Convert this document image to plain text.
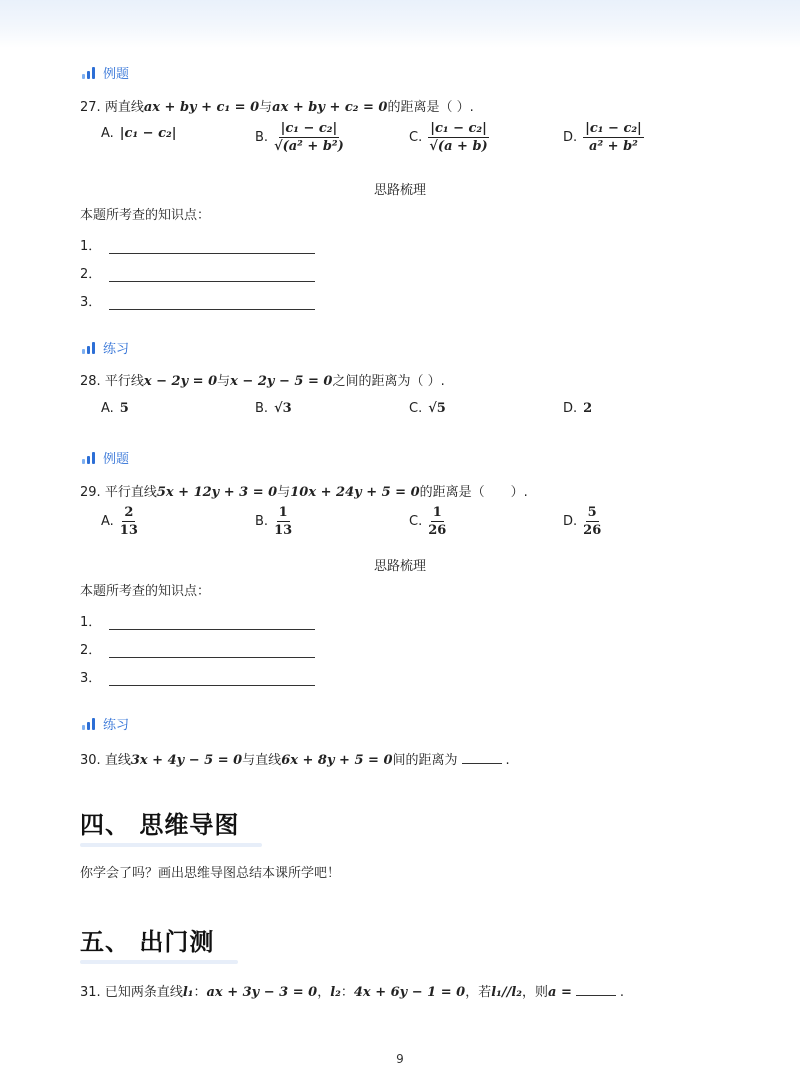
例题
27. 两直线ax + by + c₁ = 0与ax + by + c₂ = 0的距离是（ ）.
A. |c₁ − c₂|	B. $\frac{\text{|c₁ − c₂|}}{\text{√(a² + b²)}}$	C. $\frac{\text{|c₁ − c₂|}}{√(a + b)}$	D. $\frac{\text{|c₁ − c₂|}}{\text{a² + b²}}$
思路梳理
本题所考查的知识点：
1．
2．
3．
练习
28. 平行线x − 2y = 0与x − 2y − 5 = 0之间的距离为（ ）.
A. 5	B. √3	C. √5	D. 2
例题
29. 平行直线5x + 12y + 3 = 0与10x + 24y + 5 = 0的距离是（　　）.
A. $\frac{2}{13}$	B. $\frac{1}{13}$	C. $\frac{1}{26}$	D. $\frac{5}{26}$
思路梳理
本题所考查的知识点：
1．
2．
3．
练习
30. 直线3x + 4y − 5 = 0与直线6x + 8y + 5 = 0间的距离为	.
四、 思维导图
你学会了吗？画出思维导图总结本课所学吧！
五、 出门测
31. 已知两条直线l₁：ax + 3y − 3 = 0，l₂：4x + 6y − 1 = 0，若l₁//l₂，则a =	.
9
